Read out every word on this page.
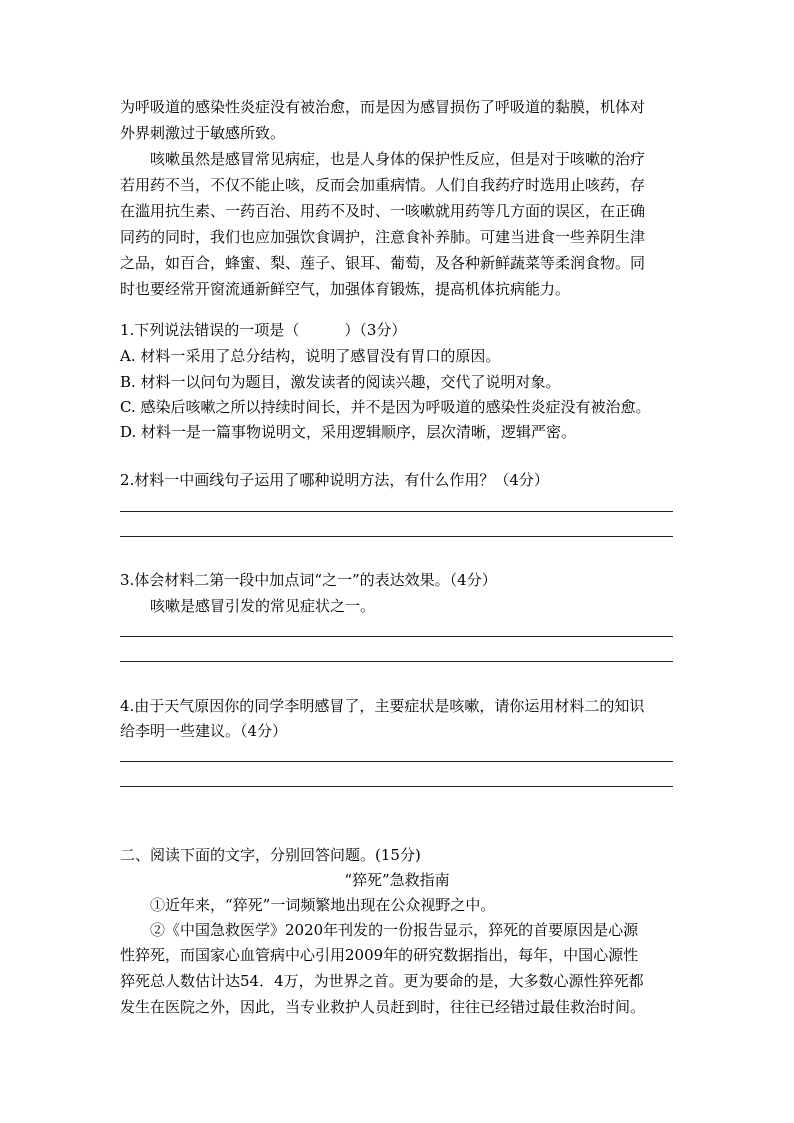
为呼吸道的感染性炎症没有被治愈，而是因为感冒损伤了呼吸道的黏膜，机体对
外界刺激过于敏感所致。
咳嗽虽然是感冒常见病症，也是人身体的保护性反应，但是对于咳嗽的治疗
若用药不当，不仅不能止咳，反而会加重病情。人们自我药疗时选用止咳药，存
在滥用抗生素、一药百治、用药不及时、一咳嗽就用药等几方面的误区，在正确
同药的同时，我们也应加强饮食调护，注意食补养肺。可建当进食一些养阴生津
之品，如百合，蜂蜜、梨、莲子、银耳、葡萄，及各种新鲜蔬菜等柔润食物。同
时也要经常开窗流通新鲜空气，加强体育锻炼，提高机体抗病能力。
1.下列说法错误的一项是（　　　）（3分）
A. 材料一采用了总分结构，说明了感冒没有胃口的原因。
B. 材料一以问句为题目，激发读者的阅读兴趣，交代了说明对象。
C. 感染后咳嗽之所以持续时间长，并不是因为呼吸道的感染性炎症没有被治愈。
D. 材料一是一篇事物说明文，采用逻辑顺序，层次清晰，逻辑严密。
2.材料一中画线句子运用了哪种说明方法，有什么作用？（4分）
3.体会材料二第一段中加点词“之一”的表达效果。（4分）
咳嗽是感冒引发的常见症状之一。
4.由于天气原因你的同学李明感冒了，主要症状是咳嗽，请你运用材料二的知识
给李明一些建议。（4分）
二、阅读下面的文字，分别回答问题。(15分)
“猝死”急救指南
①近年来，“猝死”一词频繁地出现在公众视野之中。
②《中国急救医学》2020年刊发的一份报告显示，猝死的首要原因是心源
性猝死，而国家心血管病中心引用2009年的研究数据指出，每年，中国心源性
猝死总人数估计达54．4万，为世界之首。更为要命的是，大多数心源性猝死都
发生在医院之外，因此，当专业救护人员赶到时，往往已经错过最佳救治时间。
